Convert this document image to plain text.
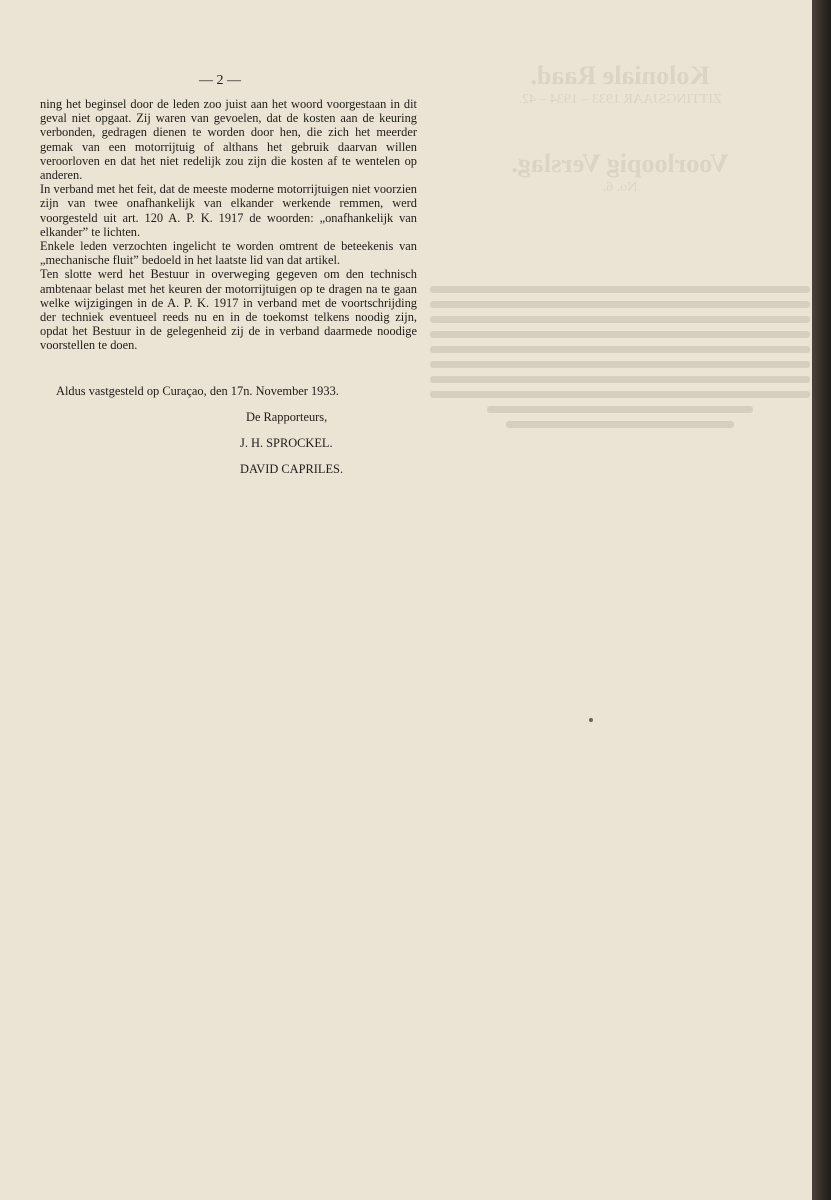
Koloniale Raad.
ZITTINGSJAAR 1933 – 1934 – 42.
Voorloopig Verslag.
No. 6.
— 2 —

ning het beginsel door de leden zoo juist aan het woord voorgestaan in dit geval niet opgaat. Zij waren van gevoelen, dat de kosten aan de keuring verbonden, gedragen dienen te worden door hen, die zich het meerder gemak van een motorrijtuig of althans het gebruik daarvan willen veroorloven en dat het niet redelijk zou zijn die kosten af te wentelen op anderen.

In verband met het feit, dat de meeste moderne motorrijtuigen niet voorzien zijn van twee onafhankelijk van elkander werkende remmen, werd voorgesteld uit art. 120 A. P. K. 1917 de woorden: „onafhankelijk van elkander” te lichten.

Enkele leden verzochten ingelicht te worden omtrent de beteekenis van „mechanische fluit” bedoeld in het laatste lid van dat artikel.

Ten slotte werd het Bestuur in overweging gegeven om den technisch ambtenaar belast met het keuren der motorrijtuigen op te dragen na te gaan welke wijzigingen in de A. P. K. 1917 in verband met de voortschrijding der techniek eventueel reeds nu en in de toekomst telkens noodig zijn, opdat het Bestuur in de gelegenheid zij de in verband daarmede noodige voorstellen te doen.

Aldus vastgesteld op Curaçao, den 17n. November 1933.
De Rapporteurs,
J. H. SPROCKEL.
DAVID CAPRILES.
